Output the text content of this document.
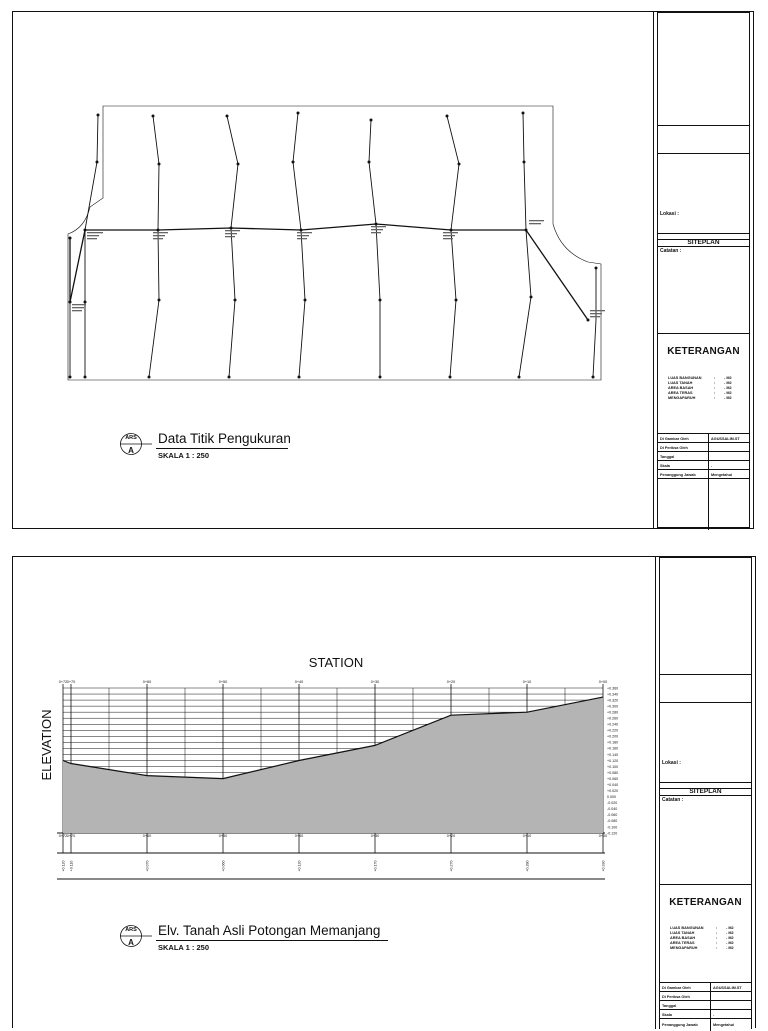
ARS
A
Data Titik Pengukuran
SKALA 1 : 250
Lokasi :
SITEPLAN
Catatan :
KETERANGAN
LUAS BANGUNAN	:	- M2
LUAS TANAH	:	- M2
AREA BASAH	:	- M2
AREA TERAS	:	- M2
MENGAPARUH	:	- M2
Di Gambar Oleh	AGUSSALIM.ST
Di Periksa Oleh
Tanggal
Skala	-
Penanggung Jawab	Mengetahui
STATION
ELEVATION
0+72 0+70	0+60	0+50	0+40	0+30	0+20	0+10	0+00
0+72
+0.120
0+70
+0.110
0+60
+0.070
0+50
+0.060
0+40
+0.120
0+30
+0.170
0+20
+0.270
0+10
+0.280
0+00
+0.330
+0.360
+0.340
+0.320
+0.300
+0.280
+0.260
+0.240
+0.220
+0.200
+0.180
+0.160
+0.140
+0.120
+0.100
+0.080
+0.060
+0.040
+0.020
0.000
-0.020
-0.040
-0.060
-0.080
-0.100
-0.120
ARS
A
Elv. Tanah Asli Potongan Memanjang
SKALA 1 : 250
Lokasi :
SITEPLAN
Catatan :
KETERANGAN
LUAS BANGUNAN	:	- M2
LUAS TANAH	:	- M2
AREA BASAH	:	- M2
AREA TERAS	:	- M2
MENGAPARUH	:	- M2
Di Gambar Oleh	AGUSSALIM.ST
Di Periksa Oleh
Tanggal
Skala	-
Penanggung Jawab	Mengetahui
